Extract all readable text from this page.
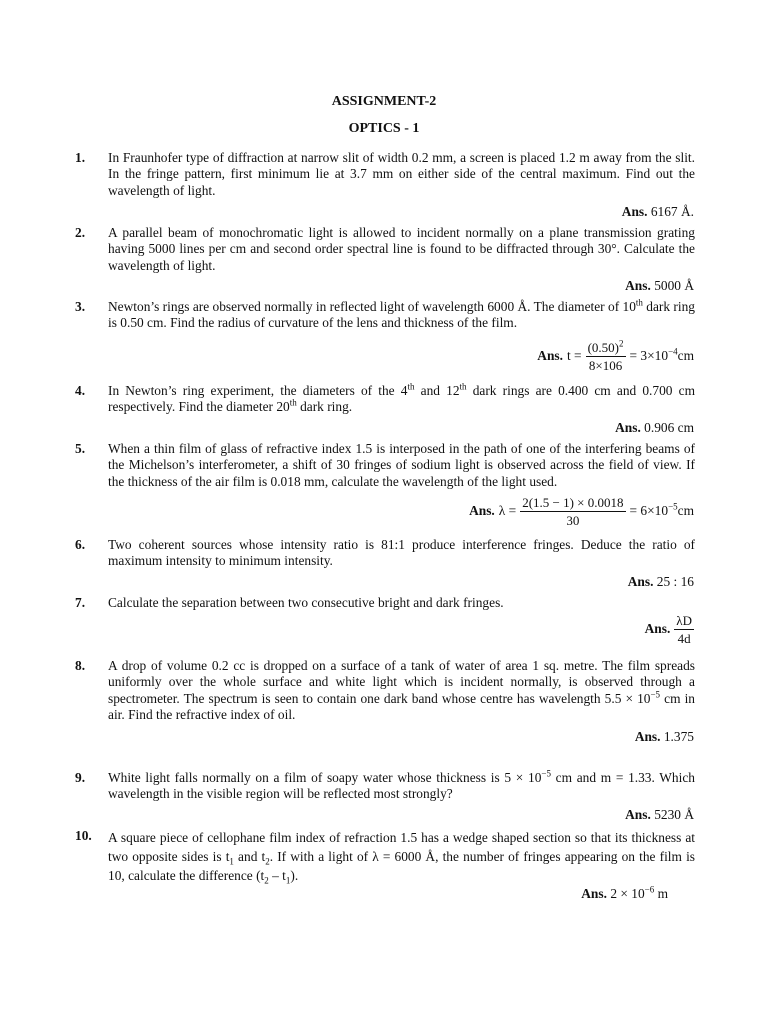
ASSIGNMENT-2
OPTICS - 1
1. In Fraunhofer type of diffraction at narrow slit of width 0.2 mm, a screen is placed 1.2 m away from the slit. In the fringe pattern, first minimum lie at 3.7 mm on either side of the central maximum. Find out the wavelength of light.
Ans. 6167 Å.
2. A parallel beam of monochromatic light is allowed to incident normally on a plane transmission grating having 5000 lines per cm and second order spectral line is found to be diffracted through 30°. Calculate the wavelength of light.
Ans. 5000 Å
3. Newton’s rings are observed normally in reflected light of wavelength 6000 Å. The diameter of 10th dark ring is 0.50 cm. Find the radius of curvature of the lens and thickness of the film.
Ans. $t = \frac{(0.50)^2}{8\times 106} = 3\times 10^{-4}cm$
4. In Newton’s ring experiment, the diameters of the 4th and 12th dark rings are 0.400 cm and 0.700 cm respectively. Find the diameter 20th dark ring.
Ans. 0.906 cm
5. When a thin film of glass of refractive index 1.5 is interposed in the path of one of the interfering beams of the Michelson’s interferometer, a shift of 30 fringes of sodium light is observed across the field of view. If the thickness of the air film is 0.018 mm, calculate the wavelength of the light used.
Ans. $\lambda = \frac{2(1.5 - 1) \times 0.0018}{30} = 6\times 10^{-5}cm$
6. Two coherent sources whose intensity ratio is 81:1 produce interference fringes. Deduce the ratio of maximum intensity to minimum intensity.
Ans. 25 : 16
7. Calculate the separation between two consecutive bright and dark fringes.
Ans. $\frac{\lambda D}{4d}$
8. A drop of volume 0.2 cc is dropped on a surface of a tank of water of area 1 sq. metre. The film spreads uniformly over the whole surface and white light which is incident normally, is observed through a spectrometer. The spectrum is seen to contain one dark band whose centre has wavelength $5.5 \times 10^{-5}$ cm in air. Find the refractive index of oil.
Ans. 1.375
9. White light falls normally on a film of soapy water whose thickness is $5 \times 10^{-5}$ cm and m = 1.33. Which wavelength in the visible region will be reflected most strongly?
Ans. 5230 Å
10. A square piece of cellophane film index of refraction 1.5 has a wedge shaped section so that its thickness at two opposite sides is $t_1$ and $t_2$. If with a light of λ = 6000 Å, the number of fringes appearing on the film is 10, calculate the difference $(t_2 - t_1)$.
Ans. $2 \times 10^{-6}$ m
